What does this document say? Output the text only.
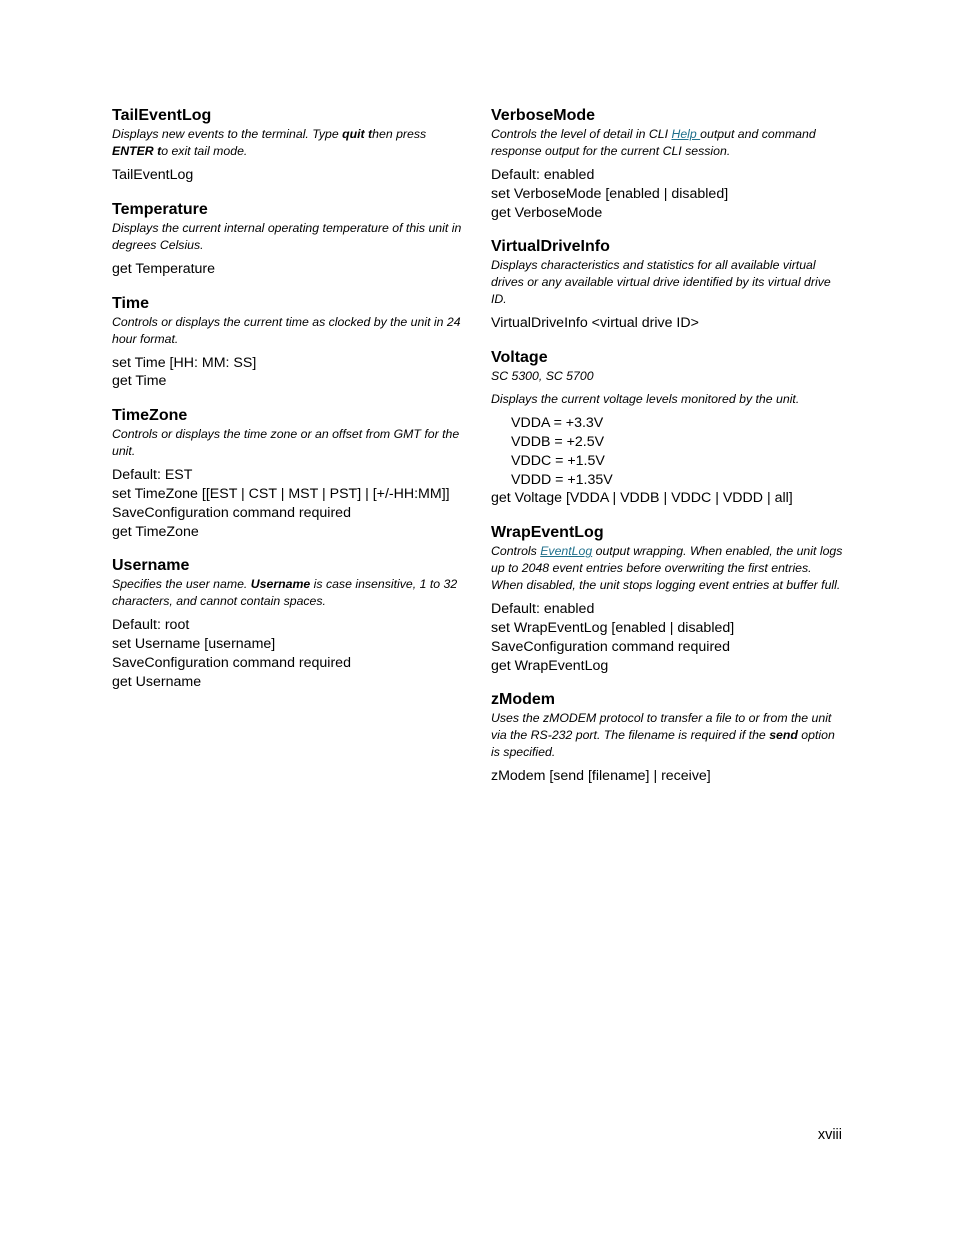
TailEventLog

Displays new events to the terminal. Type quit then press ENTER to exit tail mode.

TailEventLog

Temperature

Displays the current internal operating temperature of this unit in degrees Celsius.

get Temperature

Time

Controls or displays the current time as clocked by the unit in 24 hour format.

set Time [HH: MM: SS]

get Time

TimeZone

Controls or displays the time zone or an offset from GMT for the unit.

Default: EST

set TimeZone [[EST | CST | MST | PST] | [+/-HH:MM]]

SaveConfiguration command required

get TimeZone

Username

Specifies the user name. Username is case insensitive, 1 to 32 characters, and cannot contain spaces.

Default: root

set Username [username]

SaveConfiguration command required

get Username

VerboseMode

Controls the level of detail in CLI Help output and command response output for the current CLI session.

Default: enabled

set VerboseMode [enabled | disabled]

get VerboseMode

VirtualDriveInfo

Displays characteristics and statistics for all available virtual drives or any available virtual drive identified by its virtual drive ID.

VirtualDriveInfo <virtual drive ID>

Voltage

SC 5300, SC 5700

Displays the current voltage levels monitored by the unit.

VDDA = +3.3V

VDDB = +2.5V

VDDC = +1.5V

VDDD = +1.35V

get Voltage [VDDA | VDDB | VDDC | VDDD | all]

WrapEventLog

Controls EventLog output wrapping. When enabled, the unit logs up to 2048 event entries before overwriting the first entries. When disabled, the unit stops logging event entries at buffer full.

Default: enabled

set WrapEventLog [enabled | disabled]

SaveConfiguration command required

get WrapEventLog

zModem

Uses the zMODEM protocol to transfer a file to or from the unit via the RS-232 port. The filename is required if the send option is specified.

zModem [send [filename] | receive]

xviii
